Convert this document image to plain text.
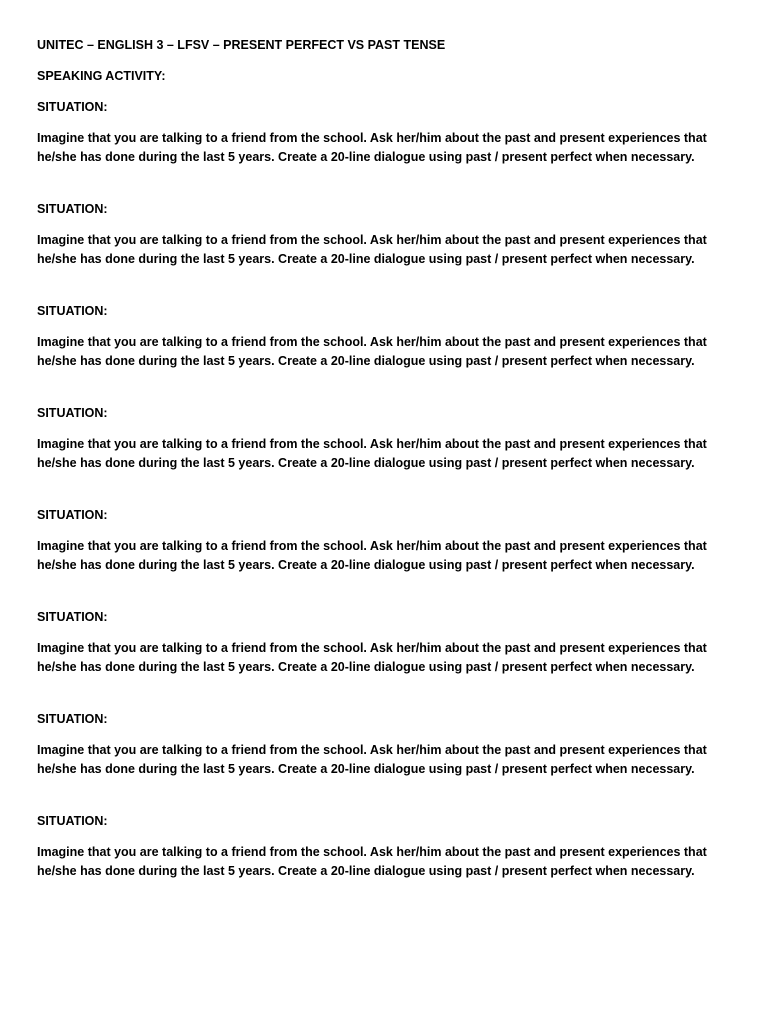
UNITEC – ENGLISH 3 – LFSV – PRESENT PERFECT VS PAST TENSE

SPEAKING ACTIVITY:

SITUATION:

Imagine that you are talking to a friend from the school. Ask her/him about the past and present experiences that

he/she has done during the last 5 years. Create a 20-line dialogue using past / present perfect when necessary.

SITUATION:

Imagine that you are talking to a friend from the school. Ask her/him about the past and present experiences that

he/she has done during the last 5 years. Create a 20-line dialogue using past / present perfect when necessary.

SITUATION:

Imagine that you are talking to a friend from the school. Ask her/him about the past and present experiences that

he/she has done during the last 5 years. Create a 20-line dialogue using past / present perfect when necessary.

SITUATION:

Imagine that you are talking to a friend from the school. Ask her/him about the past and present experiences that

he/she has done during the last 5 years. Create a 20-line dialogue using past / present perfect when necessary.

SITUATION:

Imagine that you are talking to a friend from the school. Ask her/him about the past and present experiences that

he/she has done during the last 5 years. Create a 20-line dialogue using past / present perfect when necessary.

SITUATION:

Imagine that you are talking to a friend from the school. Ask her/him about the past and present experiences that

he/she has done during the last 5 years. Create a 20-line dialogue using past / present perfect when necessary.

SITUATION:

Imagine that you are talking to a friend from the school. Ask her/him about the past and present experiences that

he/she has done during the last 5 years. Create a 20-line dialogue using past / present perfect when necessary.

SITUATION:

Imagine that you are talking to a friend from the school. Ask her/him about the past and present experiences that

he/she has done during the last 5 years. Create a 20-line dialogue using past / present perfect when necessary.
